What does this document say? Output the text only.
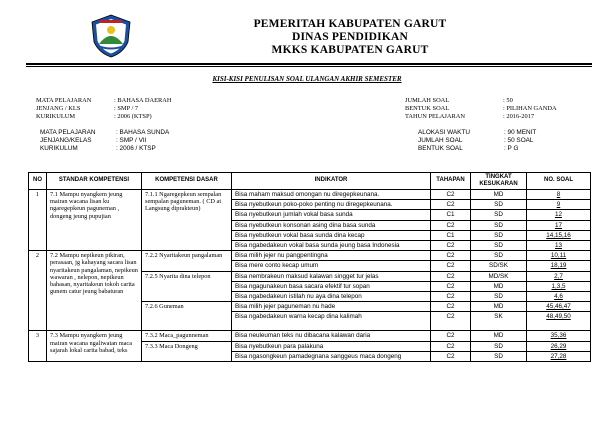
PEMERITAH KABUPATEN GARUT
DINAS PENDIDIKAN
MKKS KABUPATEN GARUT
KISI-KISI PENULISAN SOAL ULANGAN AKHIR SEMESTER
MATA PELAJARAN	: BAHASA DAERAH
JENJANG / KLS	: SMP / 7
KURIKULUM	: 2006 (KTSP)
JUMLAH SOAL	: 50
BENTUK SOAL	: PILIHAN GANDA
TAHUN PELAJARAN	: 2016-2017
MATA PELAJARAN	: BAHASA SUNDA
JENJANG/KELAS	: SMP / VII
KURIKULUM	: 2006 / KTSP
ALOKASI WAKTU	: 90 MENIT
JUMLAH SOAL	: 50 SOAL
BENTUK SOAL	: P G
NO	STANDAR KOMPETENSI	KOMPETENSI DASAR	INDIKATOR	TAHAPAN	TINGKAT KESUKARAN	NO. SOAL
1	7.1 Mampu nyangkem jeung mairan wacana lisan ku ngaregepkeun paguneman , dongeng jeung pupujian	7.1.1 Ngaregepkeun sempalan sempalan paguneman. ( CD at Langsung diprakteun)	Bisa maham maksud omongan nu diregepkeunana.	C2	MD	8
			Bisa nyebutkeun poko-poko penting nu diregepkeunana.	C2	SD	9
			Bisa nyebutkeun jumlah vokal basa sunda	C1	SD	12
			Bisa nyebutkeun konsonan asing dina basa sunda	C2	SD	17
			Bisa nyebutkeun vokal basa sunda dina kecap	C1	SD	14,15,16
			Bisa ngabedakeun vokal basa sunda jeung basa Indonesia	C2	SD	13
2	7.2 Mampu nepikeun pikiran, perasaan, jg kahayang sacara lisan nyaritakeun pangalaman, nepikeun wawaran , nelepon, nepikeun bahasan, nyaritakeun tokoh carita gunem catur jeung babaturan	7.2.2 Nyaritakeun pangalaman	Bisa milih jejer nu pangpentingna	C2	SD	10,11
			Bisa mere conto kecap umum	C2	SD/SK	18,19
		7.2.5 Nyarita dina telepon	Bisa nembrakeun maksud kalawan singget tur jelas	C2	MD/SK	2,7
			Bisa ngagunakeun basa sacara efektif tur sopan	C2	MD	1,3,5
			Bisa ngabedakeun istilah nu aya dina telepon	C2	SD	4,6
		7.2.6 Guneman	Bisa milih jejer paguneman nu hade	C2	MD	45,46,47
			Bisa ngabedakeun warna kecap dina kalimah	C2	SK	48,49,50
3	7.3 Mampu nyangkem jeung mairan wacana ngaliwatan maca sajarah lokal carita babad, teks	7.3.2 Maca_pagunneman	Bisa neuleuman teks nu dibacana kalawan daria	C2	MD	35,36
		7.3.3 Maca Dongeng	Bisa nyebutkeun para palakuna	C2	SD	26,29
			Bisa ngasongkeun pamadegnana sanggeus maca dongeng	C2	SD	27,28
